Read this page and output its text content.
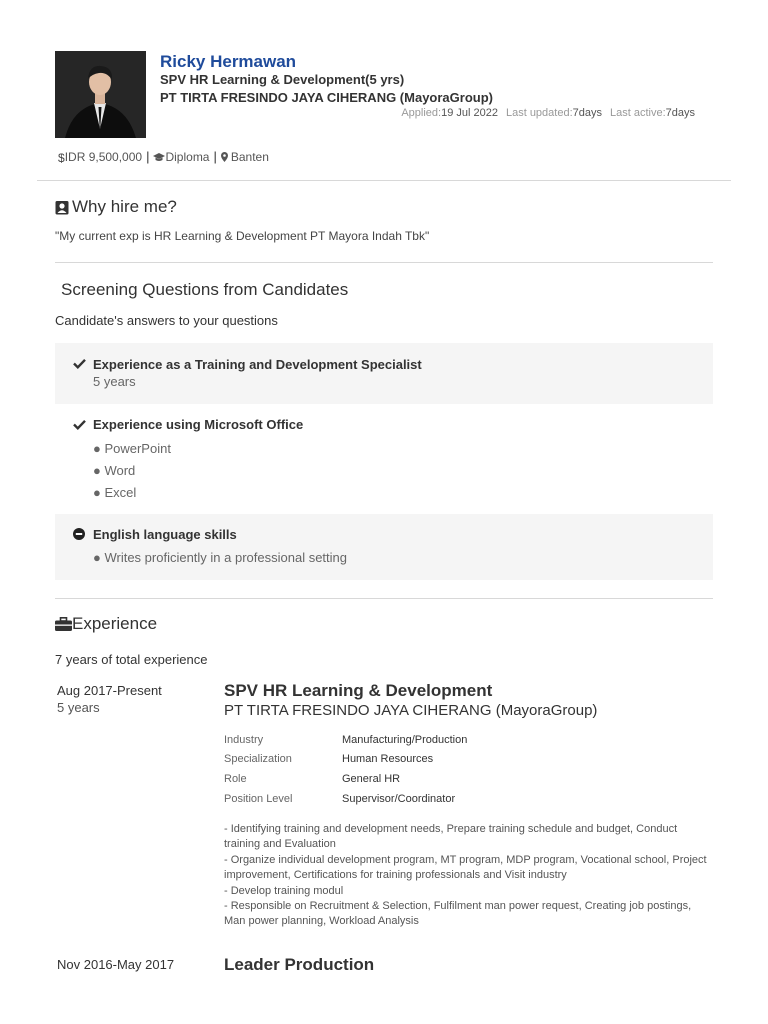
Ricky Hermawan
SPV HR Learning & Development(5 yrs)
PT TIRTA FRESINDO JAYA CIHERANG (MayoraGroup)
Applied:19 Jul 2022 Last updated:7days Last active:7days
$ IDR 9,500,000 | Diploma | Banten
Why hire me?
"My current exp is HR Learning & Development PT Mayora Indah Tbk"
Screening Questions from Candidates
Candidate's answers to your questions
Experience as a Training and Development Specialist
5 years
Experience using Microsoft Office
● PowerPoint
● Word
● Excel
English language skills
● Writes proficiently in a professional setting
Experience
7 years of total experience
Aug 2017-Present
5 years
SPV HR Learning & Development
PT TIRTA FRESINDO JAYA CIHERANG (MayoraGroup)
Industry	Manufacturing/Production
Specialization	Human Resources
Role	General HR
Position Level	Supervisor/Coordinator
- Identifying training and development needs, Prepare training schedule and budget, Conduct training and Evaluation
- Organize individual development program, MT program, MDP program, Vocational school, Project improvement, Certifications for training professionals and Visit industry
- Develop training modul
- Responsible on Recruitment & Selection, Fulfilment man power request, Creating job postings, Man power planning, Workload Analysis
Nov 2016-May 2017	Leader Production
